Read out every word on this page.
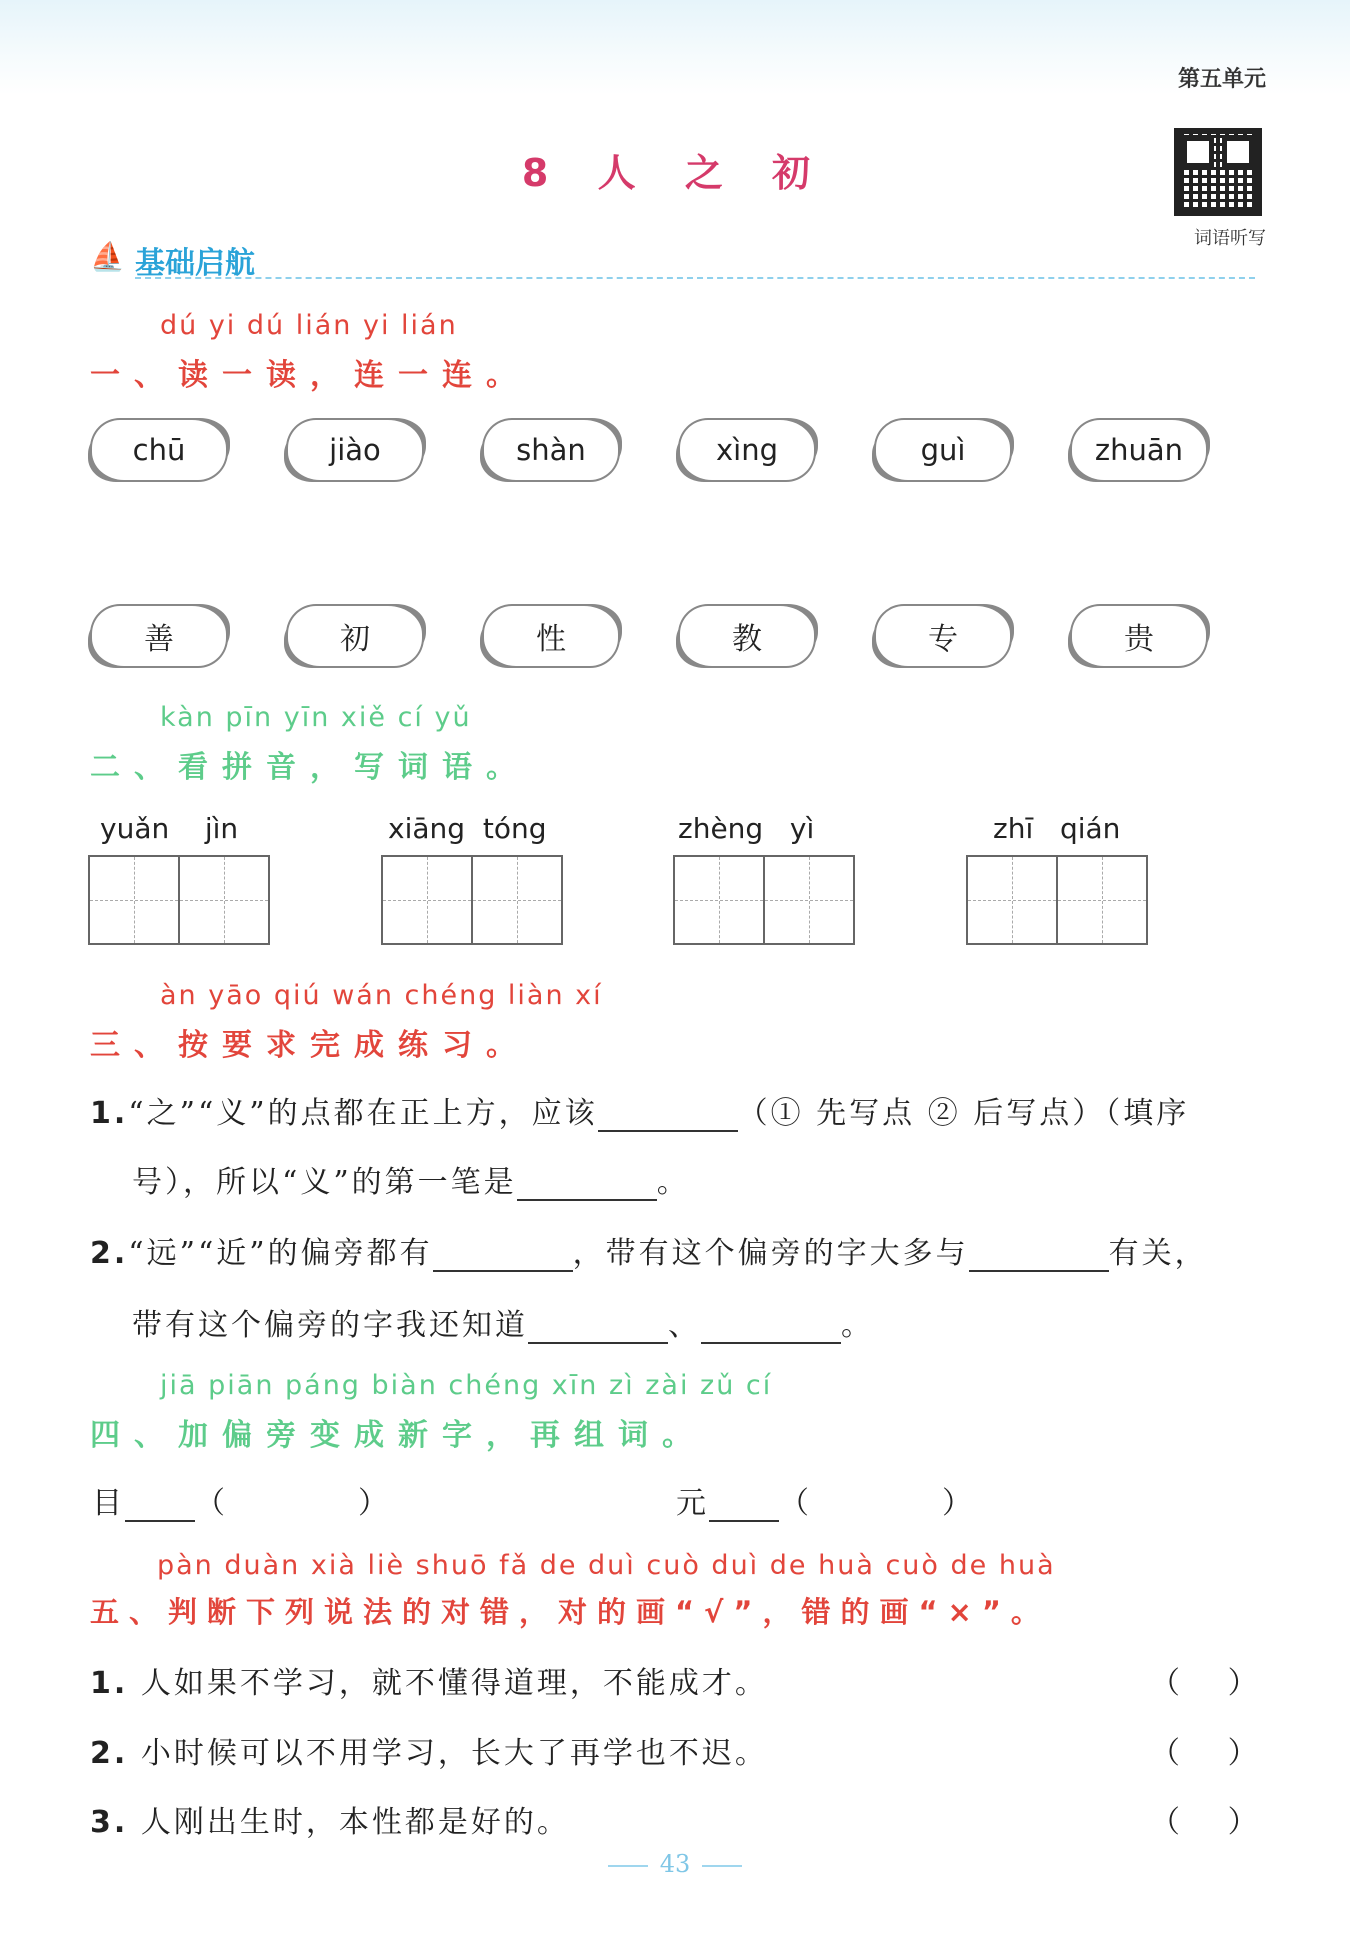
第五单元
词语听写
8 人 之 初
⛵ 基础启航
dú yi dú lián yi lián
一、读一读，连一连。
chū	jiào	shàn	xìng	guì	zhuān
善	初	性	教	专	贵
kàn pīn yīn xiě cí yǔ
二、看拼音，写词语。
yuǎn jìn	xiāng tóng	zhèng yì	zhī qián
àn yāo qiú wán chéng liàn xí
三、按要求完成练习。
1.“之”“义”的点都在正上方，应该	（① 先写点 ② 后写点）（填序
号），所以“义”的第一笔是	。
2.“远”“近”的偏旁都有	，带有这个偏旁的字大多与	有关，
带有这个偏旁的字我还知道	、	。
jiā piān páng biàn chéng xīn zì zài zǔ cí
四、加偏旁变成新字，再组词。
目 （	）	元 （	）
pàn duàn xià liè shuō fǎ de duì cuò duì de huà cuò de huà
五、判断下列说法的对错，对的画“√”，错的画“×”。
1. 人如果不学习，就不懂得道理，不能成才。	（     ）
2. 小时候可以不用学习，长大了再学也不迟。	（     ）
3. 人刚出生时，本性都是好的。	（     ）
43
